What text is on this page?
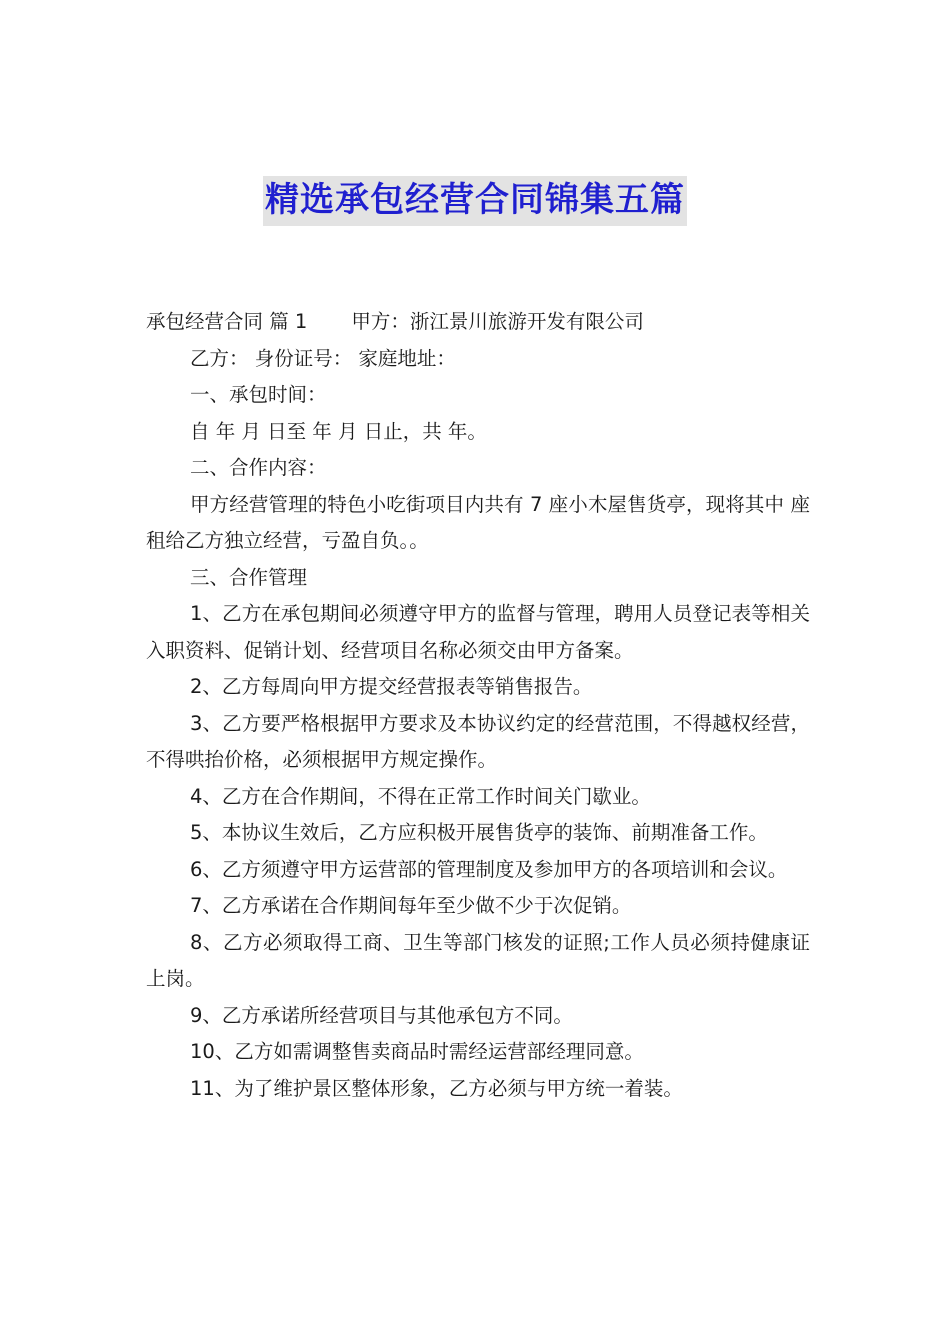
精选承包经营合同锦集五篇

承包经营合同 篇 1 甲方：浙江景川旅游开发有限公司

乙方： 身份证号： 家庭地址：

一、承包时间：

自 年 月 日至 年 月 日止，共 年。

二、合作内容：

甲方经营管理的特色小吃街项目内共有 7 座小木屋售货亭，现将其中 座租给乙方独立经营，亏盈自负。。

三、合作管理

1、乙方在承包期间必须遵守甲方的监督与管理，聘用人员登记表等相关入职资料、促销计划、经营项目名称必须交由甲方备案。

2、乙方每周向甲方提交经营报表等销售报告。

3、乙方要严格根据甲方要求及本协议约定的经营范围，不得越权经营，不得哄抬价格，必须根据甲方规定操作。

4、乙方在合作期间，不得在正常工作时间关门歇业。

5、本协议生效后，乙方应积极开展售货亭的装饰、前期准备工作。

6、乙方须遵守甲方运营部的管理制度及参加甲方的各项培训和会议。

7、乙方承诺在合作期间每年至少做不少于次促销。

8、乙方必须取得工商、卫生等部门核发的证照;工作人员必须持健康证上岗。

9、乙方承诺所经营项目与其他承包方不同。

10、乙方如需调整售卖商品时需经运营部经理同意。

11、为了维护景区整体形象，乙方必须与甲方统一着装。
